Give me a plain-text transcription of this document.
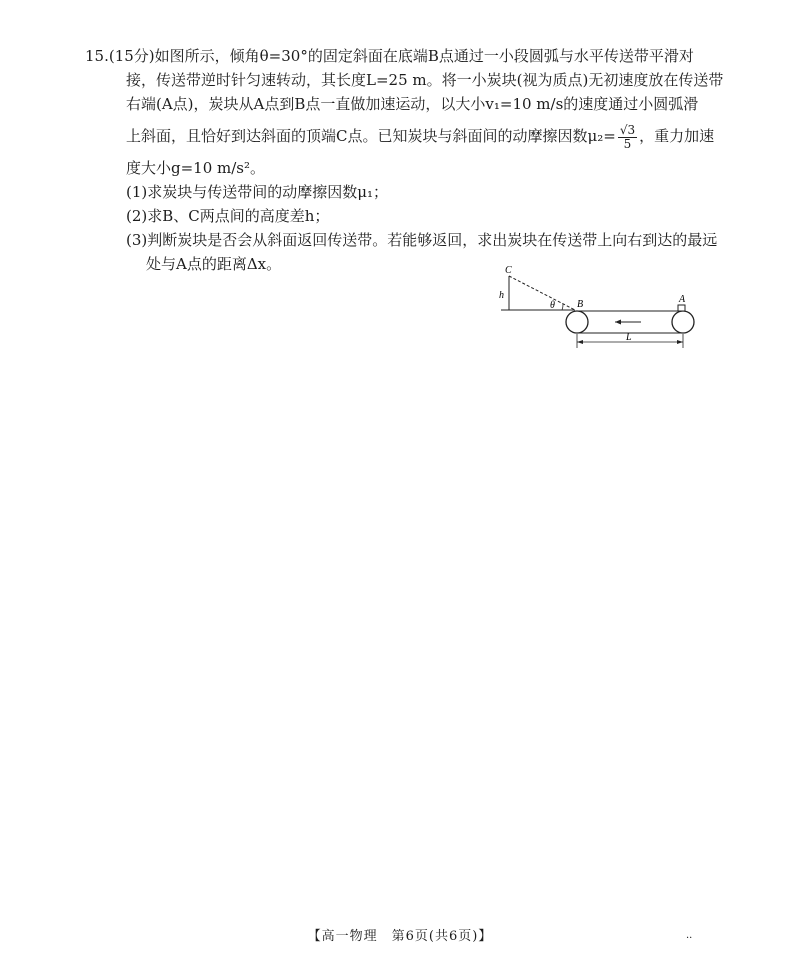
15.(15分)如图所示，倾角θ=30°的固定斜面在底端B点通过一小段圆弧与水平传送带平滑对
接，传送带逆时针匀速转动，其长度L=25 m。将一小炭块(视为质点)无初速度放在传送带
右端(A点)，炭块从A点到B点一直做加速运动，以大小v₁=10 m/s的速度通过小圆弧滑
上斜面，且恰好到达斜面的顶端C点。已知炭块与斜面间的动摩擦因数$\mu_2= \frac{√3}{5}$ ，重力加速
度大小g=10 m/s²。
(1)求炭块与传送带间的动摩擦因数μ₁；
(2)求B、C两点间的高度差h；
(3)判断炭块是否会从斜面返回传送带。若能够返回，求出炭块在传送带上向右到达的最远
处与A点的距离Δx。	C
h
θ B	A
L
【高一物理　第6页(共6页)】	··
